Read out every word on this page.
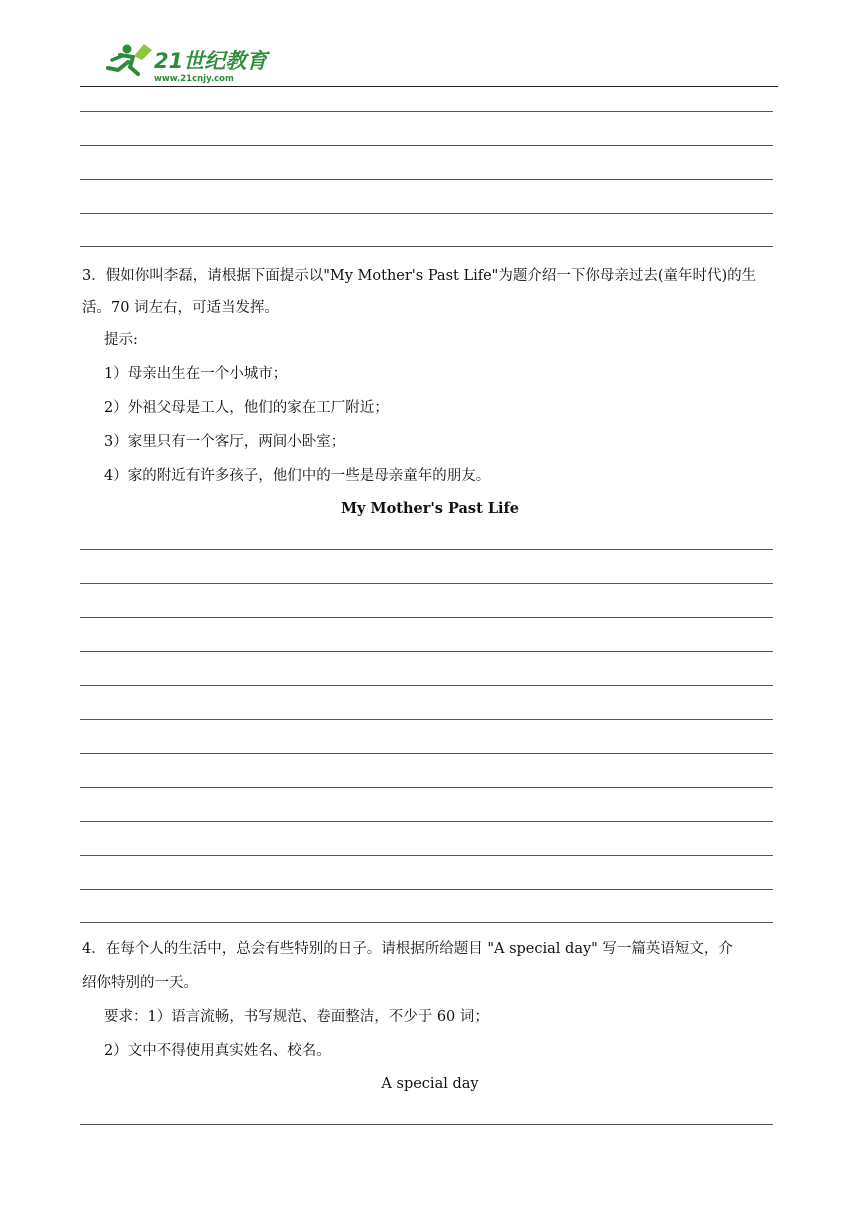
21世纪教育
www.21cnjy.com
3．假如你叫李磊，请根据下面提示以"My Mother's Past Life"为题介绍一下你母亲过去(童年时代)的生
活。70 词左右，可适当发挥。
提示:
1）母亲出生在一个小城市；
2）外祖父母是工人，他们的家在工厂附近；
3）家里只有一个客厅，两间小卧室；
4）家的附近有许多孩子，他们中的一些是母亲童年的朋友。
My Mother's Past Life
4．在每个人的生活中，总会有些特别的日子。请根据所给题目 "A special day" 写一篇英语短文，介
绍你特别的一天。
要求：1）语言流畅，书写规范、卷面整洁，不少于 60 词；
2）文中不得使用真实姓名、校名。
A special day
